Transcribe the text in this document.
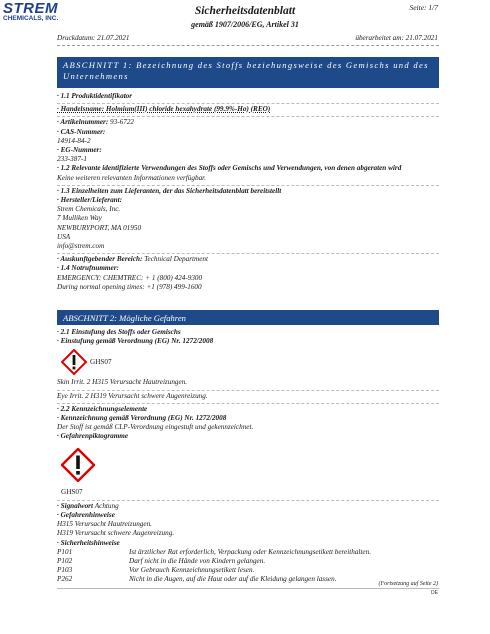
STREM
CHEMICALS, INC.
Sicherheitsdatenblatt
gemäß 1907/2006/EG, Artikel 31
Seite: 1/7
Druckdatum: 21.07.2021	überarbeitet am: 21.07.2021
ABSCHNITT 1: Bezeichnung des Stoffs beziehungsweise des Gemischs und des Unternehmens
· 1.1 Produktidentifikator
· Handelsname: Holmium(III) chloride hexahydrate (99.9%-Ho) (REO)
· Artikelnummer: 93-6722
· CAS-Nummer:
14914-84-2
· EG-Nummer:
233-387-1
· 1.2 Relevante identifizierte Verwendungen des Stoffs oder Gemischs und Verwendungen, von denen abgeraten wird
Keine weiteren relevanten Informationen verfügbar.
· 1.3 Einzelheiten zum Lieferanten, der das Sicherheitsdatenblatt bereitstellt
· Hersteller/Lieferant:
Strem Chemicals, Inc.
7 Mulliken Way
NEWBURYPORT, MA 01950
USA
info@strem.com
· Auskunftgebender Bereich: Technical Department
· 1.4 Notrufnummer:
EMERGENCY: CHEMTREC: + 1 (800) 424-9300
During normal opening times: +1 (978) 499-1600
ABSCHNITT 2: Mögliche Gefahren
· 2.1 Einstufung des Stoffs oder Gemischs
· Einstufung gemäß Verordnung (EG) Nr. 1272/2008
GHS07
Skin Irrit. 2 H315 Verursacht Hautreizungen.
Eye Irrit. 2 H319 Verursacht schwere Augenreizung.
· 2.2 Kennzeichnungselemente
· Kennzeichnung gemäß Verordnung (EG) Nr. 1272/2008
Der Stoff ist gemäß CLP-Verordnung eingestuft und gekennzeichnet.
· Gefahrenpiktogramme
GHS07
· Signalwort Achtung
· Gefahrenhinweise
H315 Verursacht Hautreizungen.
H319 Verursacht schwere Augenreizung.
· Sicherheitshinweise
P101	Ist ärztlicher Rat erforderlich, Verpackung oder Kennzeichnungsetikett bereithalten.
P102	Darf nicht in die Hände von Kindern gelangen.
P103	Vor Gebrauch Kennzeichnungsetikett lesen.
P262	Nicht in die Augen, auf die Haut oder auf die Kleidung gelangen lassen.
(Fortsetzung auf Seite 2)
DE
